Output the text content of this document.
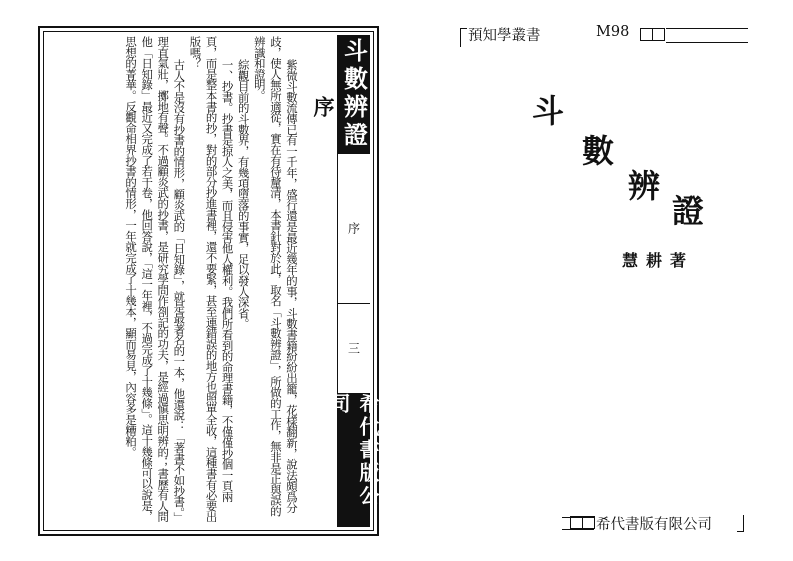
斗數辨證
序
三
希代書版公司
序

紫微斗數流傳已有一千年，盛行還是最近幾年的事，斗數書籍紛紛出籠，花樣翻新，說法頗爲分歧，使人無所適從，實在有待釐清，本書針對於此，取名「斗數辨證」，所做的工作，無非是正與誤的辨識和證明。

綜觀目前的斗數界，有幾項墮落的事實，足以發人深省。

一、抄書。抄書是掠人之美，而且侵害他人權利。我們所看到的命理書籍，不僅僅抄個一頁兩頁，而是整本書的抄，對的部分抄進書裡，還不要緊，甚至連錯誤的地方也照單全收，這種書有必要出版嗎？

古人不是沒有抄書的情形，顧炎武的「日知錄」，就是最著名的一本，他還說：「著書不如抄書。」理直氣壯，擲地有聲。不過顧炎武的抄書，是研究學問作劄記的功夫，是經過愼思明辨的；書歷有人問他「日知錄」最近又完成了若干卷，他回答說，「這一年裡，不過完成了十幾條」。這十幾條可以說是，思想的菁華。反觀命相界抄書的情形，一年就完成了十幾本，顯而易見，內容多是糟粕。	預知學叢書	M98
斗
數
辨
證
慧耕著
希代書版有限公司
